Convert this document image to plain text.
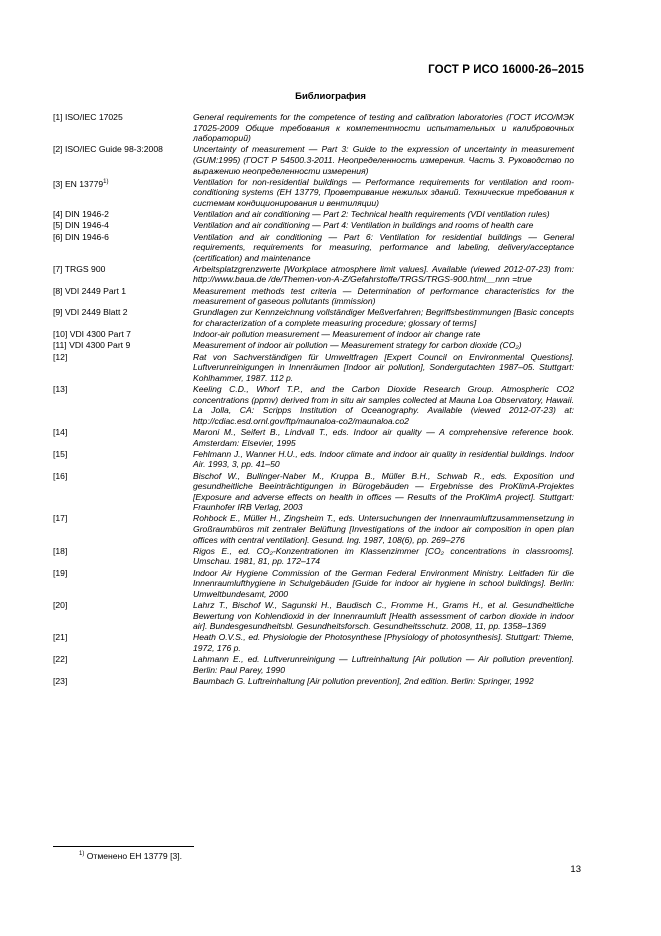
ГОСТ Р ИСО 16000-26–2015
Библиография
[1] ISO/IEC 17025	General requirements for the competence of testing and calibration laboratories (ГОСТ ИСО/МЭК 17025-2009 Общие требования к компетентности испытательных и калибровочных лабораторий)
[2] ISO/IEC Guide 98-3:2008	Uncertainty of measurement — Part 3: Guide to the expression of uncertainty in measurement (GUM:1995) (ГОСТ Р 54500.3-2011. Неопределенность измерения. Часть 3. Руководство по выражению неопределенности измерения)
[3] EN 13779$^{1)}$	Ventilation for non-residential buildings — Performance requirements for ventilation and room-conditioning systems (ЕН 13779, Проветривание нежилых зданий. Технические требования к системам кондиционирования и вентиляции)
[4] DIN 1946-2	Ventilation and air conditioning — Part 2: Technical health requirements (VDI ventilation rules)
[5] DIN 1946-4	Ventilation and air conditioning — Part 4: Ventilation in buildings and rooms of health care
[6] DIN 1946-6	Ventilation and air conditioning — Part 6: Ventilation for residential buildings — General requirements, requirements for measuring, performance and labeling, delivery/acceptance (certification) and maintenance
[7] TRGS 900	Arbeitsplatzgrenzwerte [Workplace atmosphere limit values]. Available (viewed 2012-07-23) from: http://www.baua.de /de/Themen-von-A-Z/Gefahrstoffe/TRGS/TRGS-900.html__nnn =true
[8] VDI 2449 Part 1	Measurement methods test criteria — Determination of performance characteristics for the measurement of gaseous pollutants (immission)
[9] VDI 2449 Blatt 2	Grundlagen zur Kennzeichnung vollständiger Meßverfahren; Begriffsbestimmungen [Basic concepts for characterization of a complete measuring procedure; glossary of terms]
[10] VDI 4300 Part 7	Indoor-air pollution measurement — Measurement of indoor air change rate
[11] VDI 4300 Part 9	Measurement of indoor air pollution — Measurement strategy for carbon dioxide (CO₂)
[12]	Rat von Sachverständigen für Umweltfragen [Expert Council on Environmental Questions]. Luftverunreinigungen in Innenräumen [Indoor air pollution], Sondergutachten 1987–05. Stuttgart: Kohlhammer, 1987. 112 p.
[13]	Keeling C.D., Whorf T.P., and the Carbon Dioxide Research Group. Atmospheric CO2 concentrations (ppmv) derived from in situ air samples collected at Mauna Loa Observatory, Hawaii. La Jolla, CA: Scripps Institution of Oceanography. Available (viewed 2012-07-23) at: http://cdiac.esd.ornl.gov/ftp/maunaloa-co2/maunaloa.co2
[14]	Maroni M., Seifert B., Lindvall T., eds. Indoor air quality — A comprehensive reference book. Amsterdam: Elsevier, 1995
[15]	Fehlmann J., Wanner H.U., eds. Indoor climate and indoor air quality in residential buildings. Indoor Air. 1993, 3, pp. 41–50
[16]	Bischof W., Bullinger-Naber M., Kruppa B., Müller B.H., Schwab R., eds. Exposition und gesundheitliche Beeinträchtigungen in Bürogebäuden — Ergebnisse des ProKlimA-Projektes [Exposure and adverse effects on health in offices — Results of the ProKlimA project]. Stuttgart: Fraunhofer IRB Verlag, 2003
[17]	Rohbock E., Müller H., Zingsheim T., eds. Untersuchungen der Innenraumluftzusammensetzung in Großraumbüros mit zentraler Belüftung [Investigations of the indoor air composition in open plan offices with central ventilation]. Gesund. Ing. 1987, 108(6), pp. 269–276
[18]	Rigos E., ed. CO₂-Konzentrationen im Klassenzimmer [CO₂ concentrations in classrooms]. Umschau. 1981, 81, pp. 172–174
[19]	Indoor Air Hygiene Commission of the German Federal Environment Ministry. Leitfaden für die Innenraumlufthygiene in Schulgebäuden [Guide for indoor air hygiene in school buildings]. Berlin: Umweltbundesamt, 2000
[20]	Lahrz T., Bischof W., Sagunski H., Baudisch C., Fromme H., Grams H., et al. Gesundheitliche Bewertung von Kohlendioxid in der Innenraumluft [Health assessment of carbon dioxide in indoor air]. Bundesgesundheitsbl. Gesundheitsforsch. Gesundheitsschutz. 2008, 11, pp. 1358–1369
[21]	Heath O.V.S., ed. Physiologie der Photosynthese [Physiology of photosynthesis]. Stuttgart: Thieme, 1972, 176 p.
[22]	Lahmann E., ed. Luftverunreinigung — Luftreinhaltung [Air pollution — Air pollution prevention]. Berlin: Paul Parey, 1990
[23]	Baumbach G. Luftreinhaltung [Air pollution prevention], 2nd edition. Berlin: Springer, 1992
$^{1)}$ Отменено ЕН 13779 [3].
13
